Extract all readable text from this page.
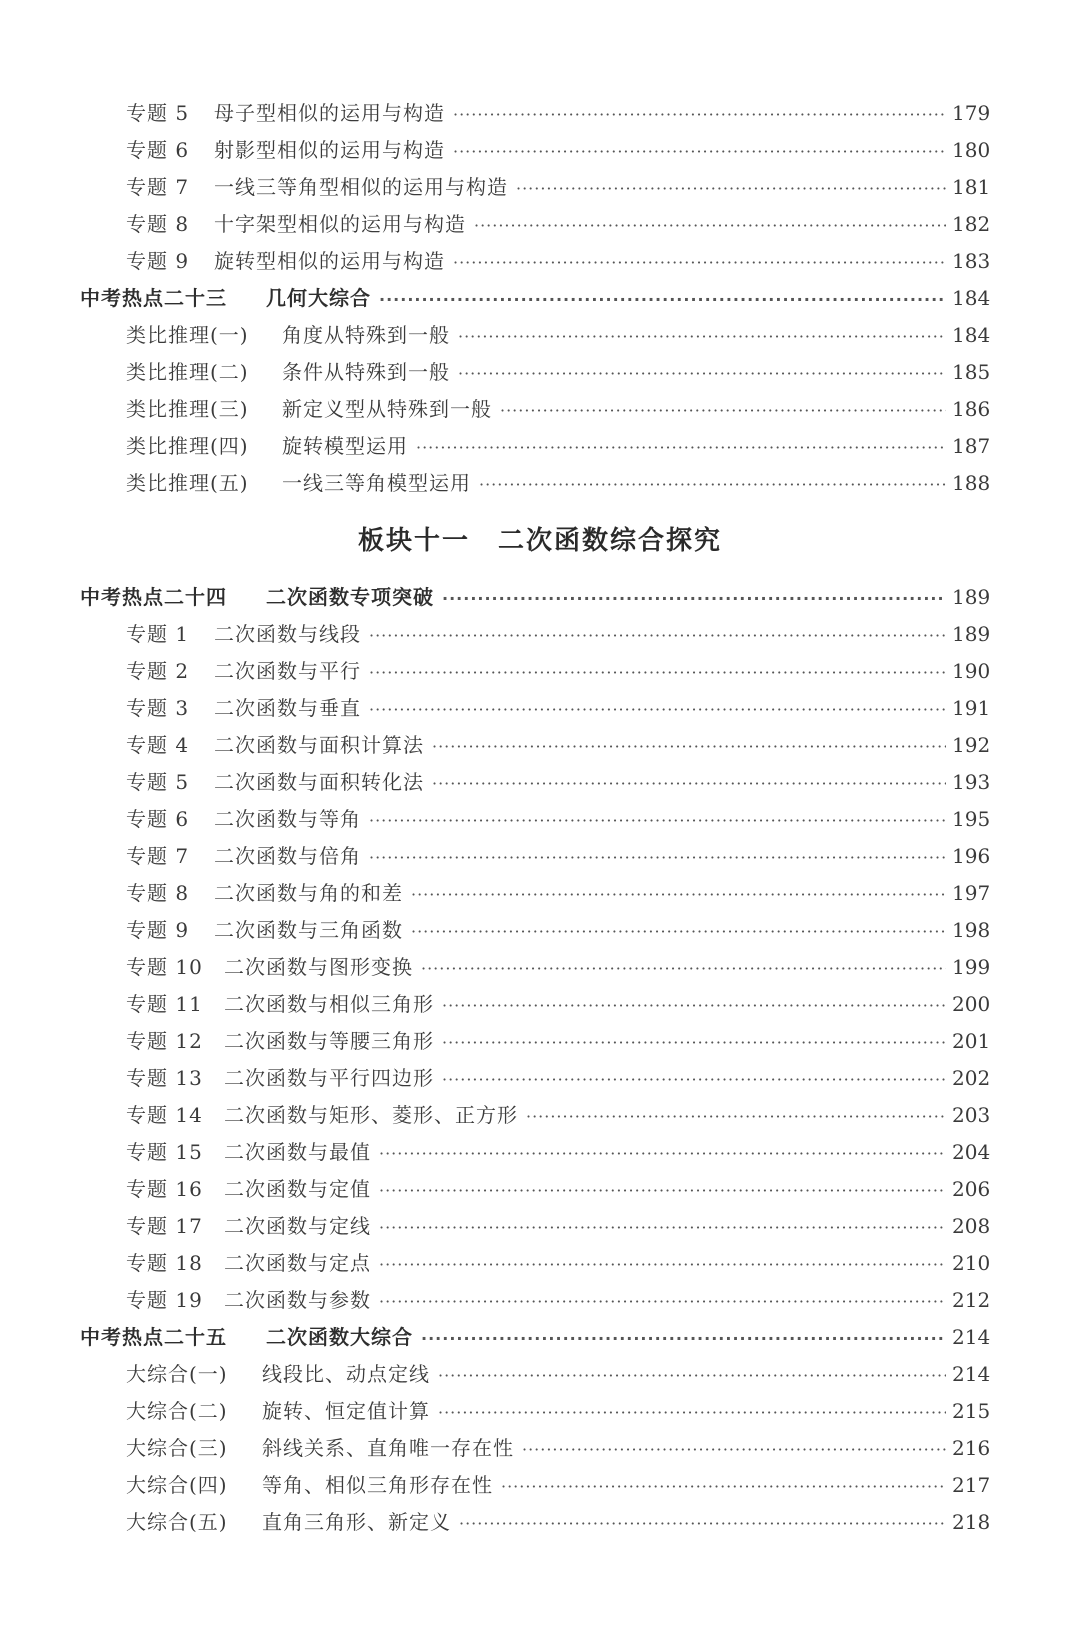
专题 5	母子型相似的运用与构造 ·····	179
专题 6	射影型相似的运用与构造 ·····	180
专题 7	一线三等角型相似的运用与构造 ·····	181
专题 8	十字架型相似的运用与构造 ·····	182
专题 9	旋转型相似的运用与构造 ·····	183
中考热点二十三	几何大综合 ·····	184
类比推理(一)	角度从特殊到一般 ·····	184
类比推理(二)	条件从特殊到一般 ·····	185
类比推理(三)	新定义型从特殊到一般 ·····	186
类比推理(四)	旋转模型运用 ·····	187
类比推理(五)	一线三等角模型运用 ·····	188
板块十一　二次函数综合探究
中考热点二十四	二次函数专项突破 ·····	189
专题 1	二次函数与线段 ·····	189
专题 2	二次函数与平行 ·····	190
专题 3	二次函数与垂直 ·····	191
专题 4	二次函数与面积计算法 ·····	192
专题 5	二次函数与面积转化法 ·····	193
专题 6	二次函数与等角 ·····	195
专题 7	二次函数与倍角 ·····	196
专题 8	二次函数与角的和差 ·····	197
专题 9	二次函数与三角函数 ·····	198
专题 10	二次函数与图形变换 ·····	199
专题 11	二次函数与相似三角形 ·····	200
专题 12	二次函数与等腰三角形 ·····	201
专题 13	二次函数与平行四边形 ·····	202
专题 14	二次函数与矩形、菱形、正方形 ·····	203
专题 15	二次函数与最值 ·····	204
专题 16	二次函数与定值 ·····	206
专题 17	二次函数与定线 ·····	208
专题 18	二次函数与定点 ·····	210
专题 19	二次函数与参数 ·····	212
中考热点二十五	二次函数大综合 ·····	214
大综合(一)	线段比、动点定线 ·····	214
大综合(二)	旋转、恒定值计算 ·····	215
大综合(三)	斜线关系、直角唯一存在性 ·····	216
大综合(四)	等角、相似三角形存在性 ·····	217
大综合(五)	直角三角形、新定义 ·····	218
